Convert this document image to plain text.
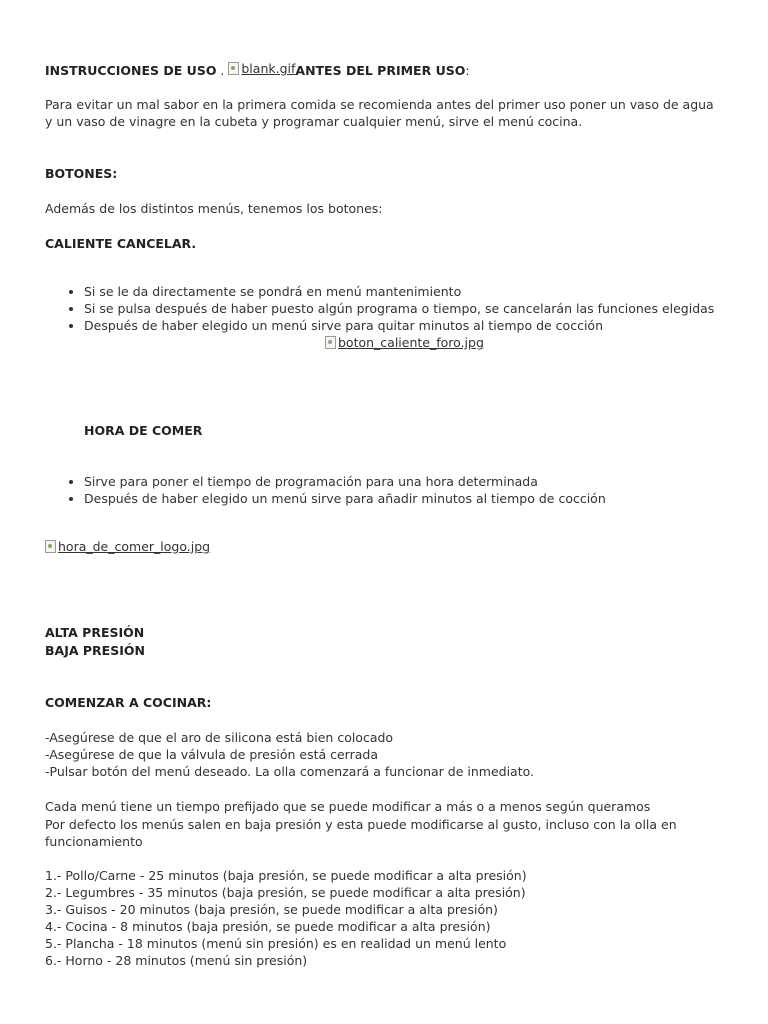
INSTRUCCIONES DE USO . blank.gif ANTES DEL PRIMER USO:
Para evitar un mal sabor en la primera comida se recomienda antes del primer uso poner un vaso de agua y un vaso de vinagre en la cubeta y programar cualquier menú, sirve el menú cocina.
BOTONES:
Además de los distintos menús, tenemos los botones:
CALIENTE CANCELAR.
• Si se le da directamente se pondrá en menú mantenimiento
• Si se pulsa después de haber puesto algún programa o tiempo, se cancelarán las funciones elegidas
• Después de haber elegido un menú sirve para quitar minutos al tiempo de cocción
boton_caliente_foro.jpg
HORA DE COMER
• Sirve para poner el tiempo de programación para una hora determinada
• Después de haber elegido un menú sirve para añadir minutos al tiempo de cocción
hora_de_comer_logo.jpg
ALTA PRESIÓN
BAJA PRESIÓN
COMENZAR A COCINAR:
-Asegúrese de que el aro de silicona está bien colocado
-Asegúrese de que la válvula de presión está cerrada
-Pulsar botón del menú deseado. La olla comenzará a funcionar de inmediato.
Cada menú tiene un tiempo prefijado que se puede modificar a más o a menos según queramos
Por defecto los menús salen en baja presión y esta puede modificarse al gusto, incluso con la olla en funcionamiento
1.- Pollo/Carne - 25 minutos (baja presión, se puede modificar a alta presión)
2.- Legumbres - 35 minutos (baja presión, se puede modificar a alta presión)
3.- Guisos - 20 minutos (baja presión, se puede modificar a alta presión)
4.- Cocina - 8 minutos (baja presión, se puede modificar a alta presión)
5.- Plancha - 18 minutos (menú sin presión) es en realidad un menú lento
6.- Horno - 28 minutos (menú sin presión)
